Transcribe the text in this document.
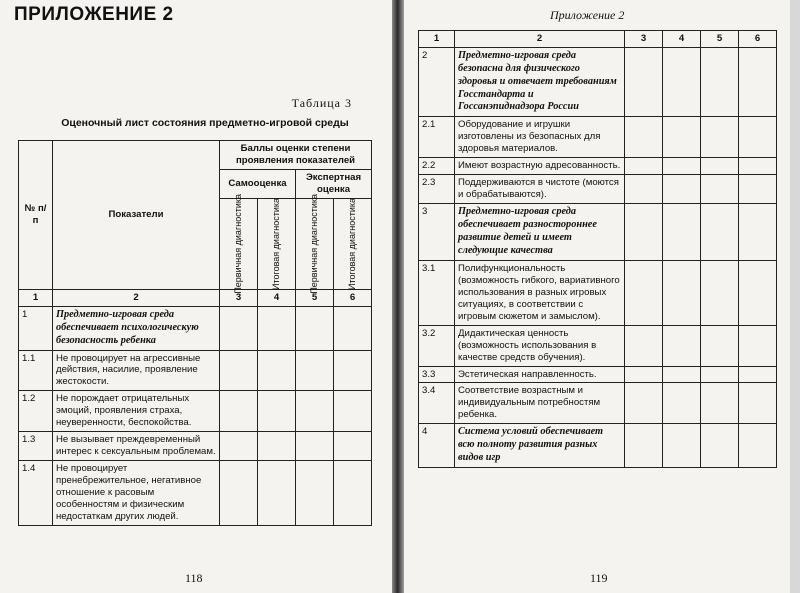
ПРИЛОЖЕНИЕ 2
Таблица 3
Оценочный лист состояния предметно-игровой среды
№ п/п	Показатели	Баллы оценки степени проявления показателей			
		Самооценка		Экспертная оценка	

		Первичная диагностика	Итоговая диагностика	Первичная диагностика	Итоговая диагностика

1	2	3	4	5	6
1	Предметно-игровая среда обеспечивает психологическую безопасность ребенка				
1.1	Не провоцирует на агрессивные действия, насилие, проявление жестокости.				
1.2	Не порождает отрицательных эмоций, проявления страха, неуверенности, беспокойства.				
1.3	Не вызывает преждевременный интерес к сексуальным проблемам.				
1.4	Не провоцирует пренебрежительное, негативное отношение к расовым особенностям и физическим недостаткам других людей.				
118
Приложение 2
1	2	3	4	5	6
2	Предметно-игровая среда безопасна для физического здоровья и отвечает требованиям Госстандарта и Госсанэпиднадзора России				
2.1	Оборудование и игрушки изготовлены из безопасных для здоровья материалов.				
2.2	Имеют возрастную адресованность.				
2.3	Поддерживаются в чистоте (моются и обрабатываются).				
3	Предметно-игровая среда обеспечивает разностороннее развитие детей и имеет следующие качества				
3.1	Полифункциональность (возможность гибкого, вариативного использования в разных игровых ситуациях, в соответствии с игровым сюжетом и замыслом).				
3.2	Дидактическая ценность (возможность использования в качестве средств обучения).				
3.3	Эстетическая направленность.				
3.4	Соответствие возрастным и индивидуальным потребностям ребенка.				
4	Система условий обеспечивает всю полноту развития разных видов игр				
119
